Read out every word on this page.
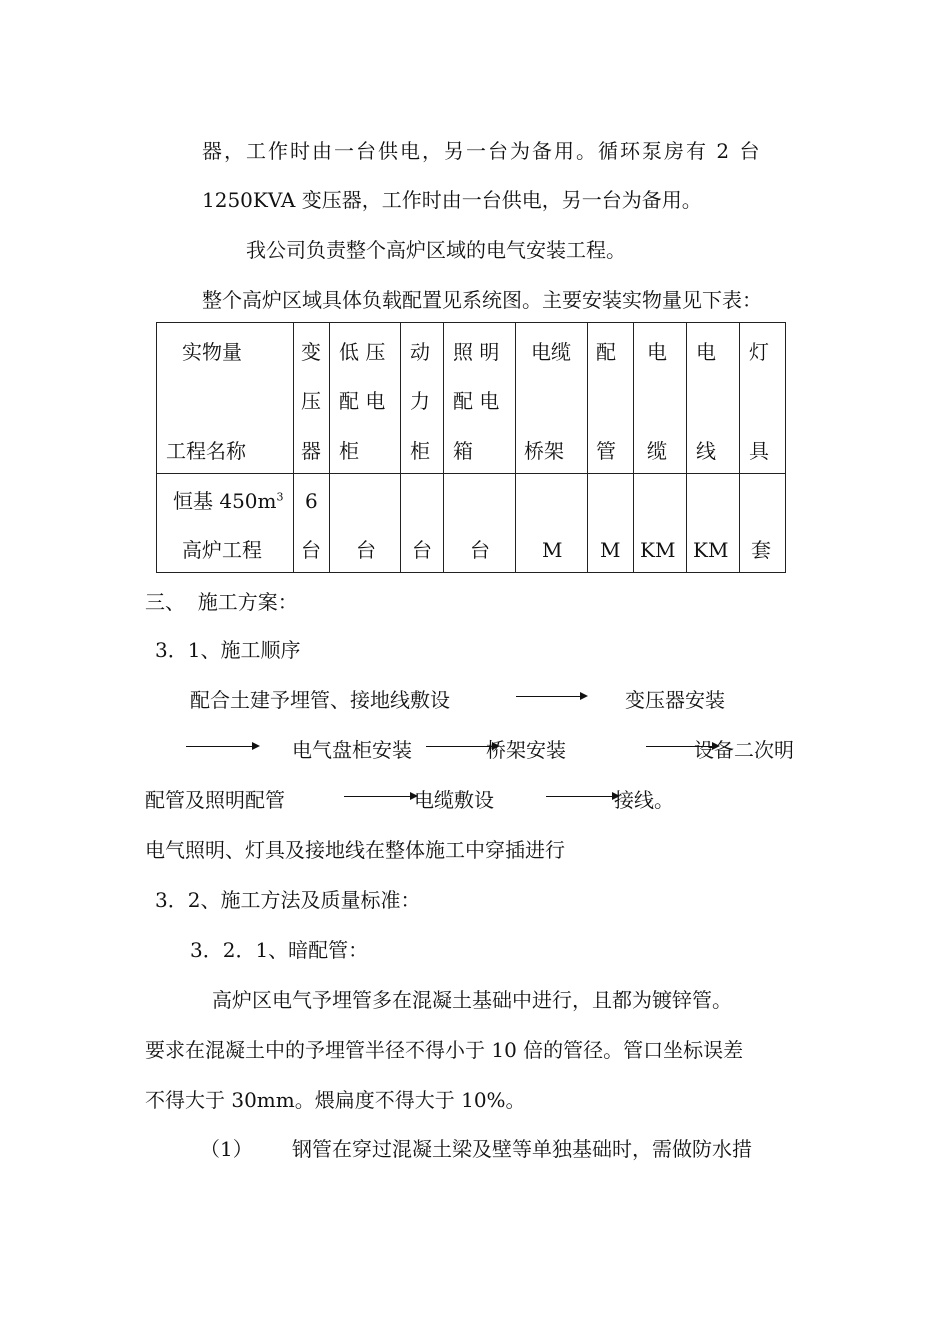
器，工作时由一台供电，另一台为备用。循环泵房有 2 台
1250KVA 变压器，工作时由一台供电，另一台为备用。
我公司负责整个高炉区域的电气安装工程。
整个高炉区域具体负载配置见系统图。主要安装实物量见下表：
实物量
工程名称	变
压
器	低 压
配 电
柜	动
力
柜	照 明
配 电
箱	电缆
桥架	配
管	电
缆	电
线	灯
具

恒基 $450m^3$
高炉工程	6
台	台	台	台	M	M	KM	KM	套
三、  施工方案：
3．1、施工顺序
配合土建予埋管、接地线敷设	变压器安装
电气盘柜安装	桥架安装	设备二次明
配管及照明配管	电缆敷设	接线。
电气照明、灯具及接地线在整体施工中穿插进行
3．2、施工方法及质量标准：
3．2．1、暗配管：
高炉区电气予埋管多在混凝土基础中进行，且都为镀锌管。
要求在混凝土中的予埋管半径不得小于 10 倍的管径。管口坐标误差
不得大于 30mm。煨扁度不得大于 10%。
（1） 钢管在穿过混凝土梁及壁等单独基础时，需做防水措
